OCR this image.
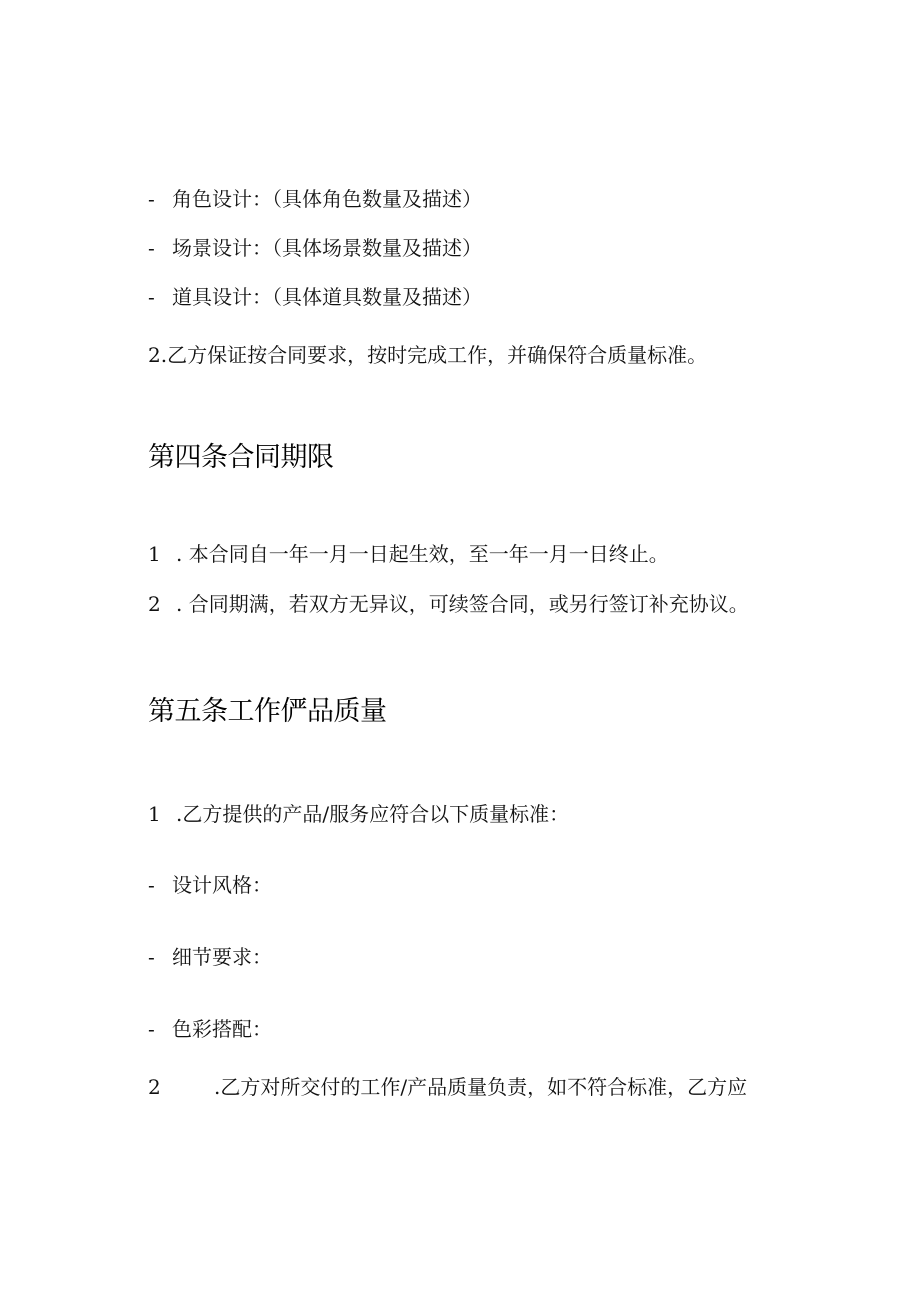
- 角色设计：（具体角色数量及描述）
- 场景设计：（具体场景数量及描述）
- 道具设计：（具体道具数量及描述）
2.乙方保证按合同要求，按时完成工作，并确保符合质量标准。
第四条合同期限
1 . 本合同自一年一月一日起生效，至一年一月一日终止。
2 . 合同期满，若双方无异议，可续签合同，或另行签订补充协议。
第五条工作俨品质量
1 .乙方提供的产品/服务应符合以下质量标准：
- 设计风格：
- 细节要求：
- 色彩搭配：
2	.乙方对所交付的工作/产品质量负责，如不符合标准，乙方应
